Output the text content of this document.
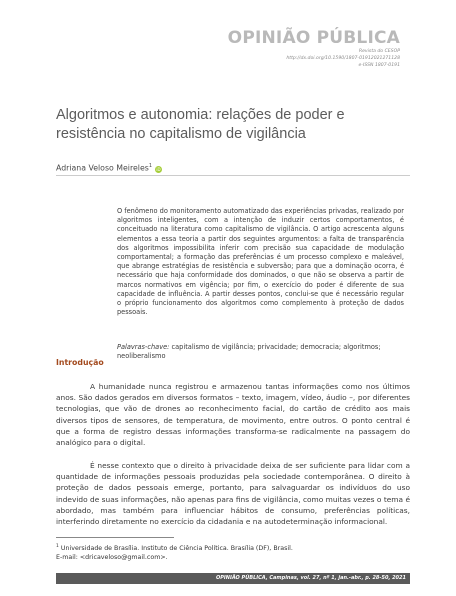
OPINIÃO PÚBLICA
Revista do CESOP
http://dx.doi.org/10.1590/1807-01912021271128
e-ISSN 1807-0191
Algoritmos e autonomia: relações de poder e resistência no capitalismo de vigilância
Adriana Veloso Meireles$^1$iD

O fenômeno do monitoramento automatizado das experiências privadas, realizado por algoritmos inteligentes, com a intenção de induzir certos comportamentos, é conceituado na literatura como capitalismo de vigilância. O artigo acrescenta alguns elementos a essa teoria a partir dos seguintes argumentos: a falta de transparência dos algoritmos impossibilita inferir com precisão sua capacidade de modulação comportamental; a formação das preferências é um processo complexo e maleável, que abrange estratégias de resistência e subversão; para que a dominação ocorra, é necessário que haja conformidade dos dominados, o que não se observa a partir de marcos normativos em vigência; por fim, o exercício do poder é diferente de sua capacidade de influência. A partir desses pontos, conclui-se que é necessário regular o próprio funcionamento dos algoritmos como complemento à proteção de dados pessoais.

Palavras-chave: capitalismo de vigilância; privacidade; democracia; algoritmos; neoliberalismo

Introdução

A humanidade nunca registrou e armazenou tantas informações como nos últimos anos. São dados gerados em diversos formatos – texto, imagem, vídeo, áudio –, por diferentes tecnologias, que vão de drones ao reconhecimento facial, do cartão de crédito aos mais diversos tipos de sensores, de temperatura, de movimento, entre outros. O ponto central é que a forma de registro dessas informações transforma-se radicalmente na passagem do analógico para o digital.

É nesse contexto que o direito à privacidade deixa de ser suficiente para lidar com a quantidade de informações pessoais produzidas pela sociedade contemporânea. O direito à proteção de dados pessoais emerge, portanto, para salvaguardar os indivíduos do uso indevido de suas informações, não apenas para fins de vigilância, como muitas vezes o tema é abordado, mas também para influenciar hábitos de consumo, preferências políticas, interferindo diretamente no exercício da cidadania e na autodeterminação informacional.

$^1$ Universidade de Brasília. Instituto de Ciência Política. Brasília (DF), Brasil.
E-mail: <dricaveloso@gmail.com>.
OPINIÃO PÚBLICA, Campinas, vol. 27, nº 1, jan.-abr., p. 28-50, 2021
